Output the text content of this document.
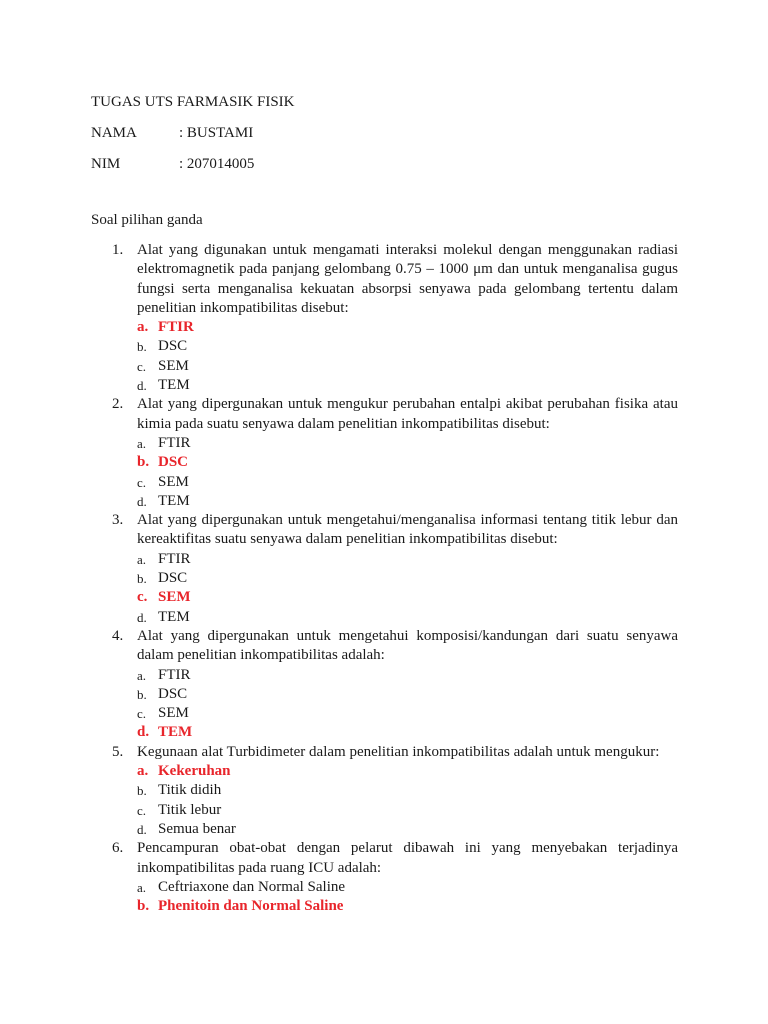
TUGAS UTS FARMASIK FISIK
NAMA	: BUSTAMI
NIM	: 207014005
Soal pilihan ganda
1. Alat yang digunakan untuk mengamati interaksi molekul dengan menggunakan radiasi elektromagnetik pada panjang gelombang 0.75 – 1000 μm dan untuk menganalisa gugus fungsi serta menganalisa kekuatan absorpsi senyawa pada gelombang tertentu dalam penelitian inkompatibilitas disebut:
a. FTIR
b. DSC
c. SEM
d. TEM
2. Alat yang dipergunakan untuk mengukur perubahan entalpi akibat perubahan fisika atau kimia pada suatu senyawa dalam penelitian inkompatibilitas disebut:
a. FTIR
b. DSC
c. SEM
d. TEM
3. Alat yang dipergunakan untuk mengetahui/menganalisa informasi tentang titik lebur dan kereaktifitas suatu senyawa dalam penelitian inkompatibilitas disebut:
a. FTIR
b. DSC
c. SEM
d. TEM
4. Alat yang dipergunakan untuk mengetahui komposisi/kandungan dari suatu senyawa dalam penelitian inkompatibilitas adalah:
a. FTIR
b. DSC
c. SEM
d. TEM
5. Kegunaan alat Turbidimeter dalam penelitian inkompatibilitas adalah untuk mengukur:
a. Kekeruhan
b. Titik didih
c. Titik lebur
d. Semua benar
6. Pencampuran obat-obat dengan pelarut dibawah ini yang menyebakan terjadinya inkompatibilitas pada ruang ICU adalah:
a. Ceftriaxone dan Normal Saline
b. Phenitoin dan Normal Saline
